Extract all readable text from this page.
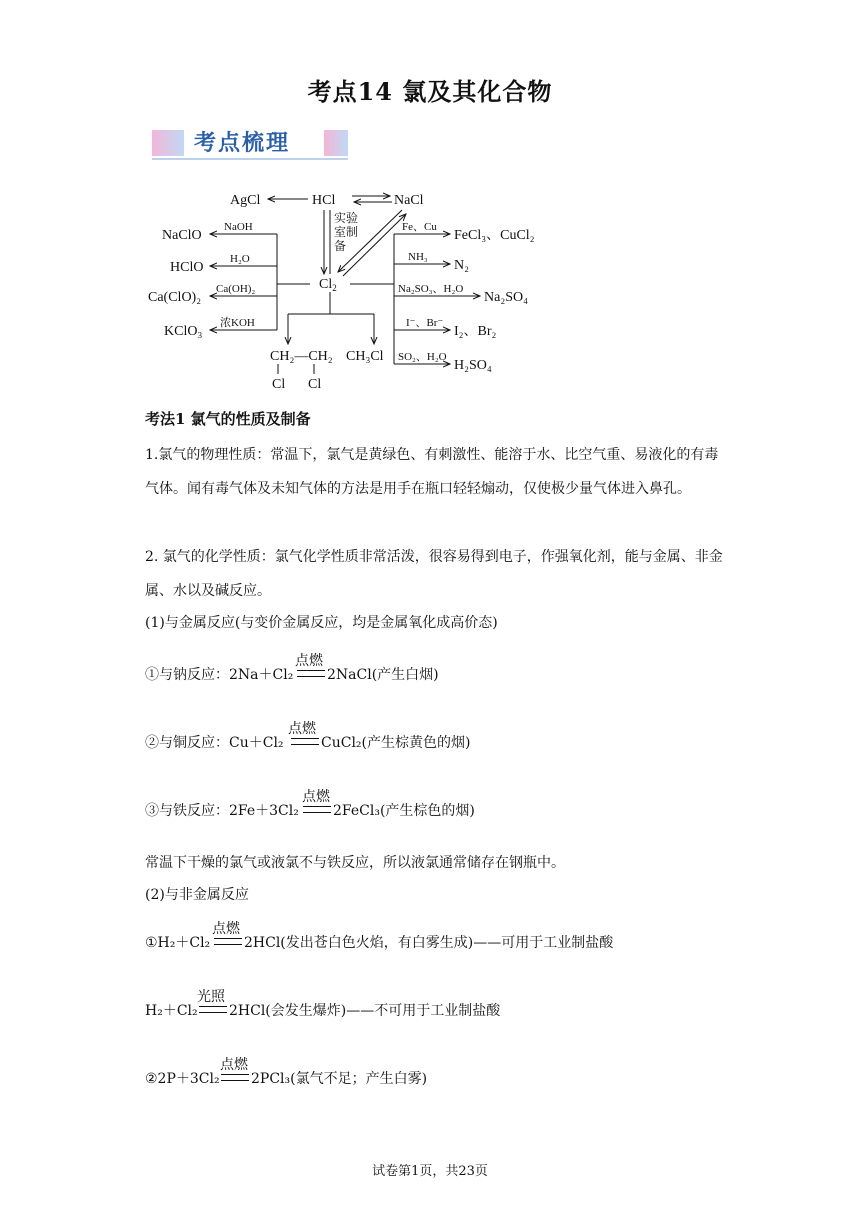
考点14 氯及其化合物
考点梳理
AgCl	HCl	NaCl
$Cl_2$
实 验
室 制
备
NaOH
NaClO
H₂O
HClO
Ca(OH)₂
Ca(ClO)₂
浓KOH
KClO₃
Fe、Cu
FeCl₃、CuCl₂
NH₃
N₂
Na₂SO₃、H₂O
Na₂SO₄
I⁻、Br⁻
I₂、Br₂
SO₂、H₂O
H₂SO₄
CH₂—CH₂
Cl Cl
CH₃Cl
考法1 氯气的性质及制备
1.氯气的物理性质：常温下，氯气是黄绿色、有刺激性、能溶于水、比空气重、易液化的有毒气体。闻有毒气体及未知气体的方法是用手在瓶口轻轻煽动，仅使极少量气体进入鼻孔。
2. 氯气的化学性质：氯气化学性质非常活泼，很容易得到电子，作强氧化剂，能与金属、非金属、水以及碱反应。
(1)与金属反应(与变价金属反应，均是金属氧化成高价态)
①与钠反应：2Na＋Cl₂
点燃
2NaCl(产生白烟)
②与铜反应：Cu＋Cl₂
点燃
CuCl₂(产生棕黄色的烟)
③与铁反应：2Fe＋3Cl₂
点燃
2FeCl₃(产生棕色的烟)
常温下干燥的氯气或液氯不与铁反应，所以液氯通常储存在钢瓶中。
(2)与非金属反应
①H₂＋Cl₂
点燃
2HCl(发出苍白色火焰，有白雾生成)——可用于工业制盐酸
H₂＋Cl₂
光照
2HCl(会发生爆炸)——不可用于工业制盐酸
②2P＋3Cl₂
点燃
2PCl₃(氯气不足；产生白雾)
试卷第1页，共23页
